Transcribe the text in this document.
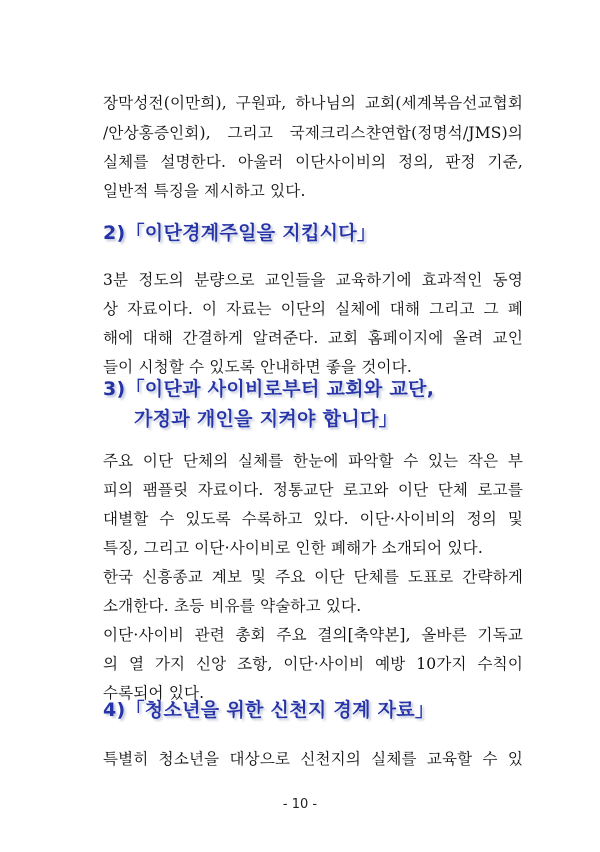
장막성전(이만희), 구원파, 하나님의 교회(세계복음선교협회
/안상홍증인회), 그리고 국제크리스챤연합(정명석/JMS)의
실체를 설명한다. 아울러 이단사이비의 정의, 판정 기준,
일반적 특징을 제시하고 있다.
2)「이단경계주일을 지킵시다」
3분 정도의 분량으로 교인들을 교육하기에 효과적인 동영
상 자료이다. 이 자료는 이단의 실체에 대해 그리고 그 폐
해에 대해 간결하게 알려준다. 교회 홈페이지에 올려 교인
들이 시청할 수 있도록 안내하면 좋을 것이다.
3)「이단과 사이비로부터 교회와 교단,
가정과 개인을 지켜야 합니다」
주요 이단 단체의 실체를 한눈에 파악할 수 있는 작은 부
피의 팸플릿 자료이다. 정통교단 로고와 이단 단체 로고를
대별할 수 있도록 수록하고 있다. 이단·사이비의 정의 및
특징, 그리고 이단·사이비로 인한 폐해가 소개되어 있다.
한국 신흥종교 계보 및 주요 이단 단체를 도표로 간략하게
소개한다. 초등 비유를 약술하고 있다.
이단·사이비 관련 총회 주요 결의[축약본], 올바른 기독교
의 열 가지 신앙 조항, 이단·사이비 예방 10가지 수칙이
수록되어 있다.
4)「청소년을 위한 신천지 경계 자료」
특별히 청소년을 대상으로 신천지의 실체를 교육할 수 있
- 10 -
